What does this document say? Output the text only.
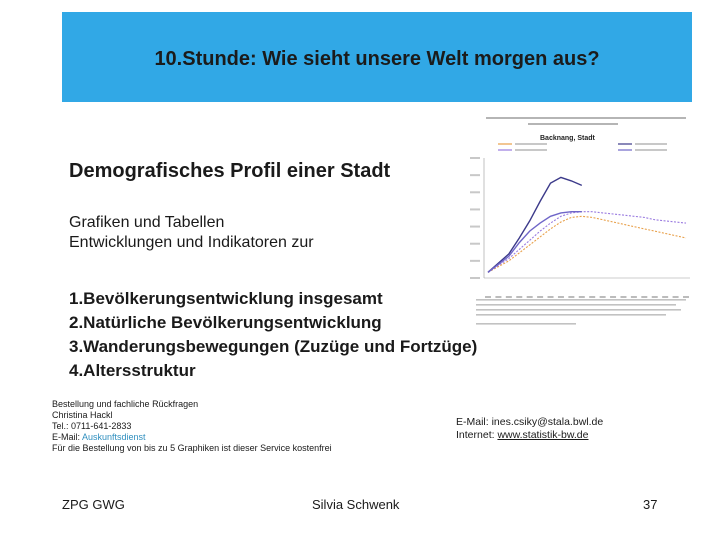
10.Stunde: Wie sieht unsere Welt morgen aus?
Backnang, Stadt
Demografisches Profil einer Stadt
Grafiken und Tabellen
Entwicklungen und Indikatoren zur
1.Bevölkerungsentwicklung insgesamt
2.Natürliche Bevölkerungsentwicklung
3.Wanderungsbewegungen (Zuzüge und Fortzüge)
4.Altersstruktur
Bestellung und fachliche Rückfragen
Christina Hackl
Tel.: 0711-641-2833
E-Mail: Auskunftsdienst
Für die Bestellung von bis zu 5 Graphiken ist dieser Service kostenfrei
E-Mail: ines.csiky@stala.bwl.de
Internet: www.statistik-bw.de
ZPG GWG	Silvia Schwenk	37
